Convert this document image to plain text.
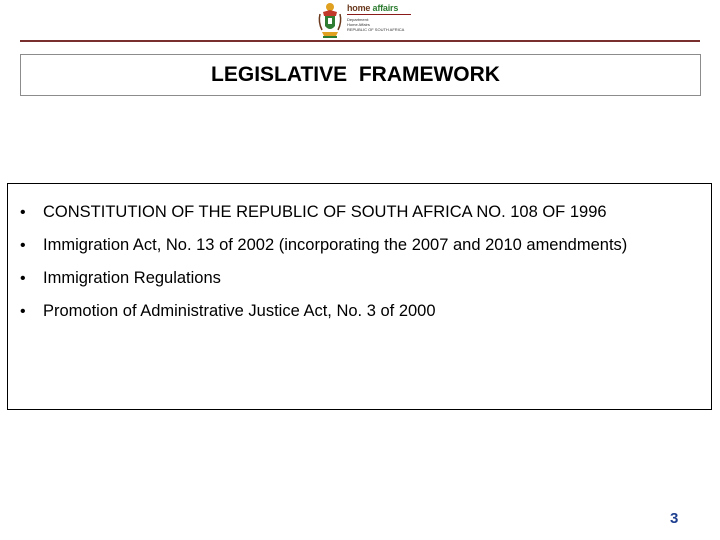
home affairs
Department:
Home Affairs
REPUBLIC OF SOUTH AFRICA
LEGISLATIVE  FRAMEWORK
•	CONSTITUTION OF THE REPUBLIC OF SOUTH AFRICA NO. 108 OF 1996
•	Immigration Act, No. 13 of 2002 (incorporating the 2007 and 2010 amendments)
•	Immigration Regulations
•	Promotion of Administrative Justice Act, No. 3 of 2000
3
